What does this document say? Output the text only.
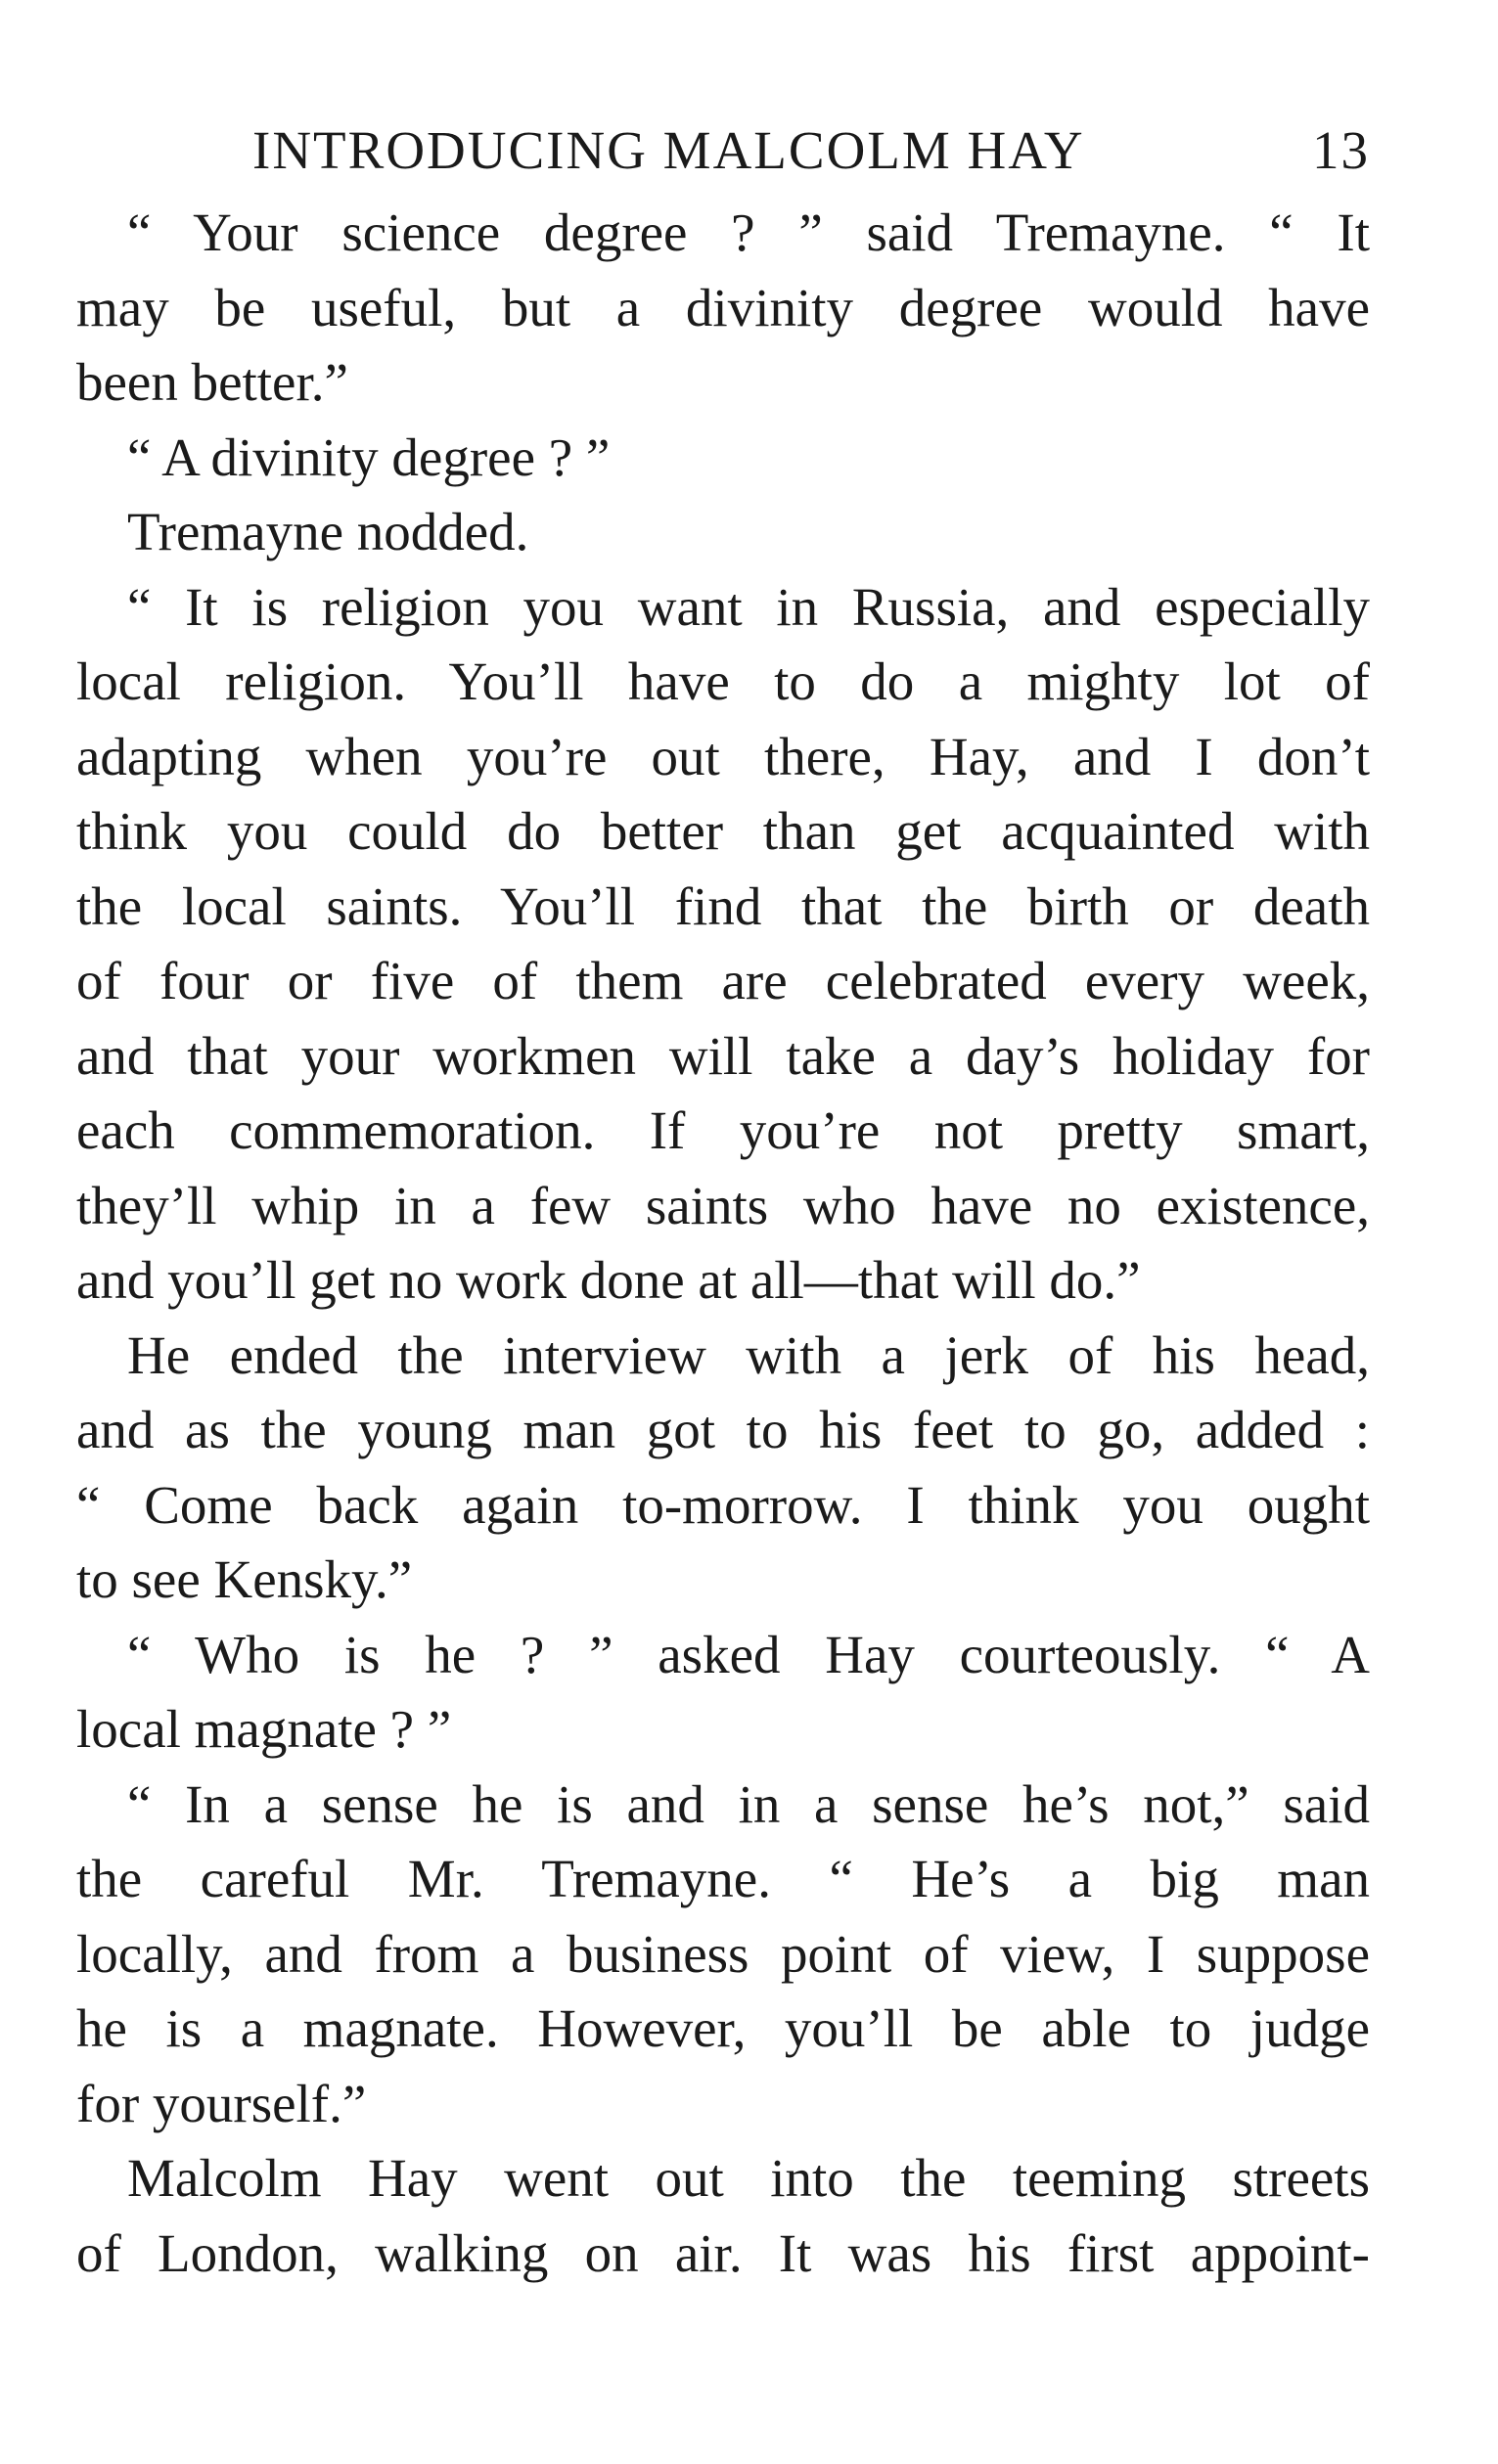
INTRODUCING MALCOLM HAY	13
“ Your science degree ? ” said Tremayne. “ It
may be useful, but a divinity degree would have
been better.”
“ A divinity degree ? ”
Tremayne nodded.
“ It is religion you want in Russia, and especially
local religion. You’ll have to do a mighty lot of
adapting when you’re out there, Hay, and I don’t
think you could do better than get acquainted with
the local saints. You’ll find that the birth or death
of four or five of them are celebrated every week,
and that your workmen will take a day’s holiday for
each commemoration. If you’re not pretty smart,
they’ll whip in a few saints who have no existence,
and you’ll get no work done at all—that will do.”
He ended the interview with a jerk of his head,
and as the young man got to his feet to go, added :
“ Come back again to-morrow. I think you ought
to see Kensky.”
“ Who is he ? ” asked Hay courteously. “ A
local magnate ? ”
“ In a sense he is and in a sense he’s not,” said
the careful Mr. Tremayne. “ He’s a big man
locally, and from a business point of view, I suppose
he is a magnate. However, you’ll be able to judge
for yourself.”
Malcolm Hay went out into the teeming streets
of London, walking on air. It was his first appoint-
